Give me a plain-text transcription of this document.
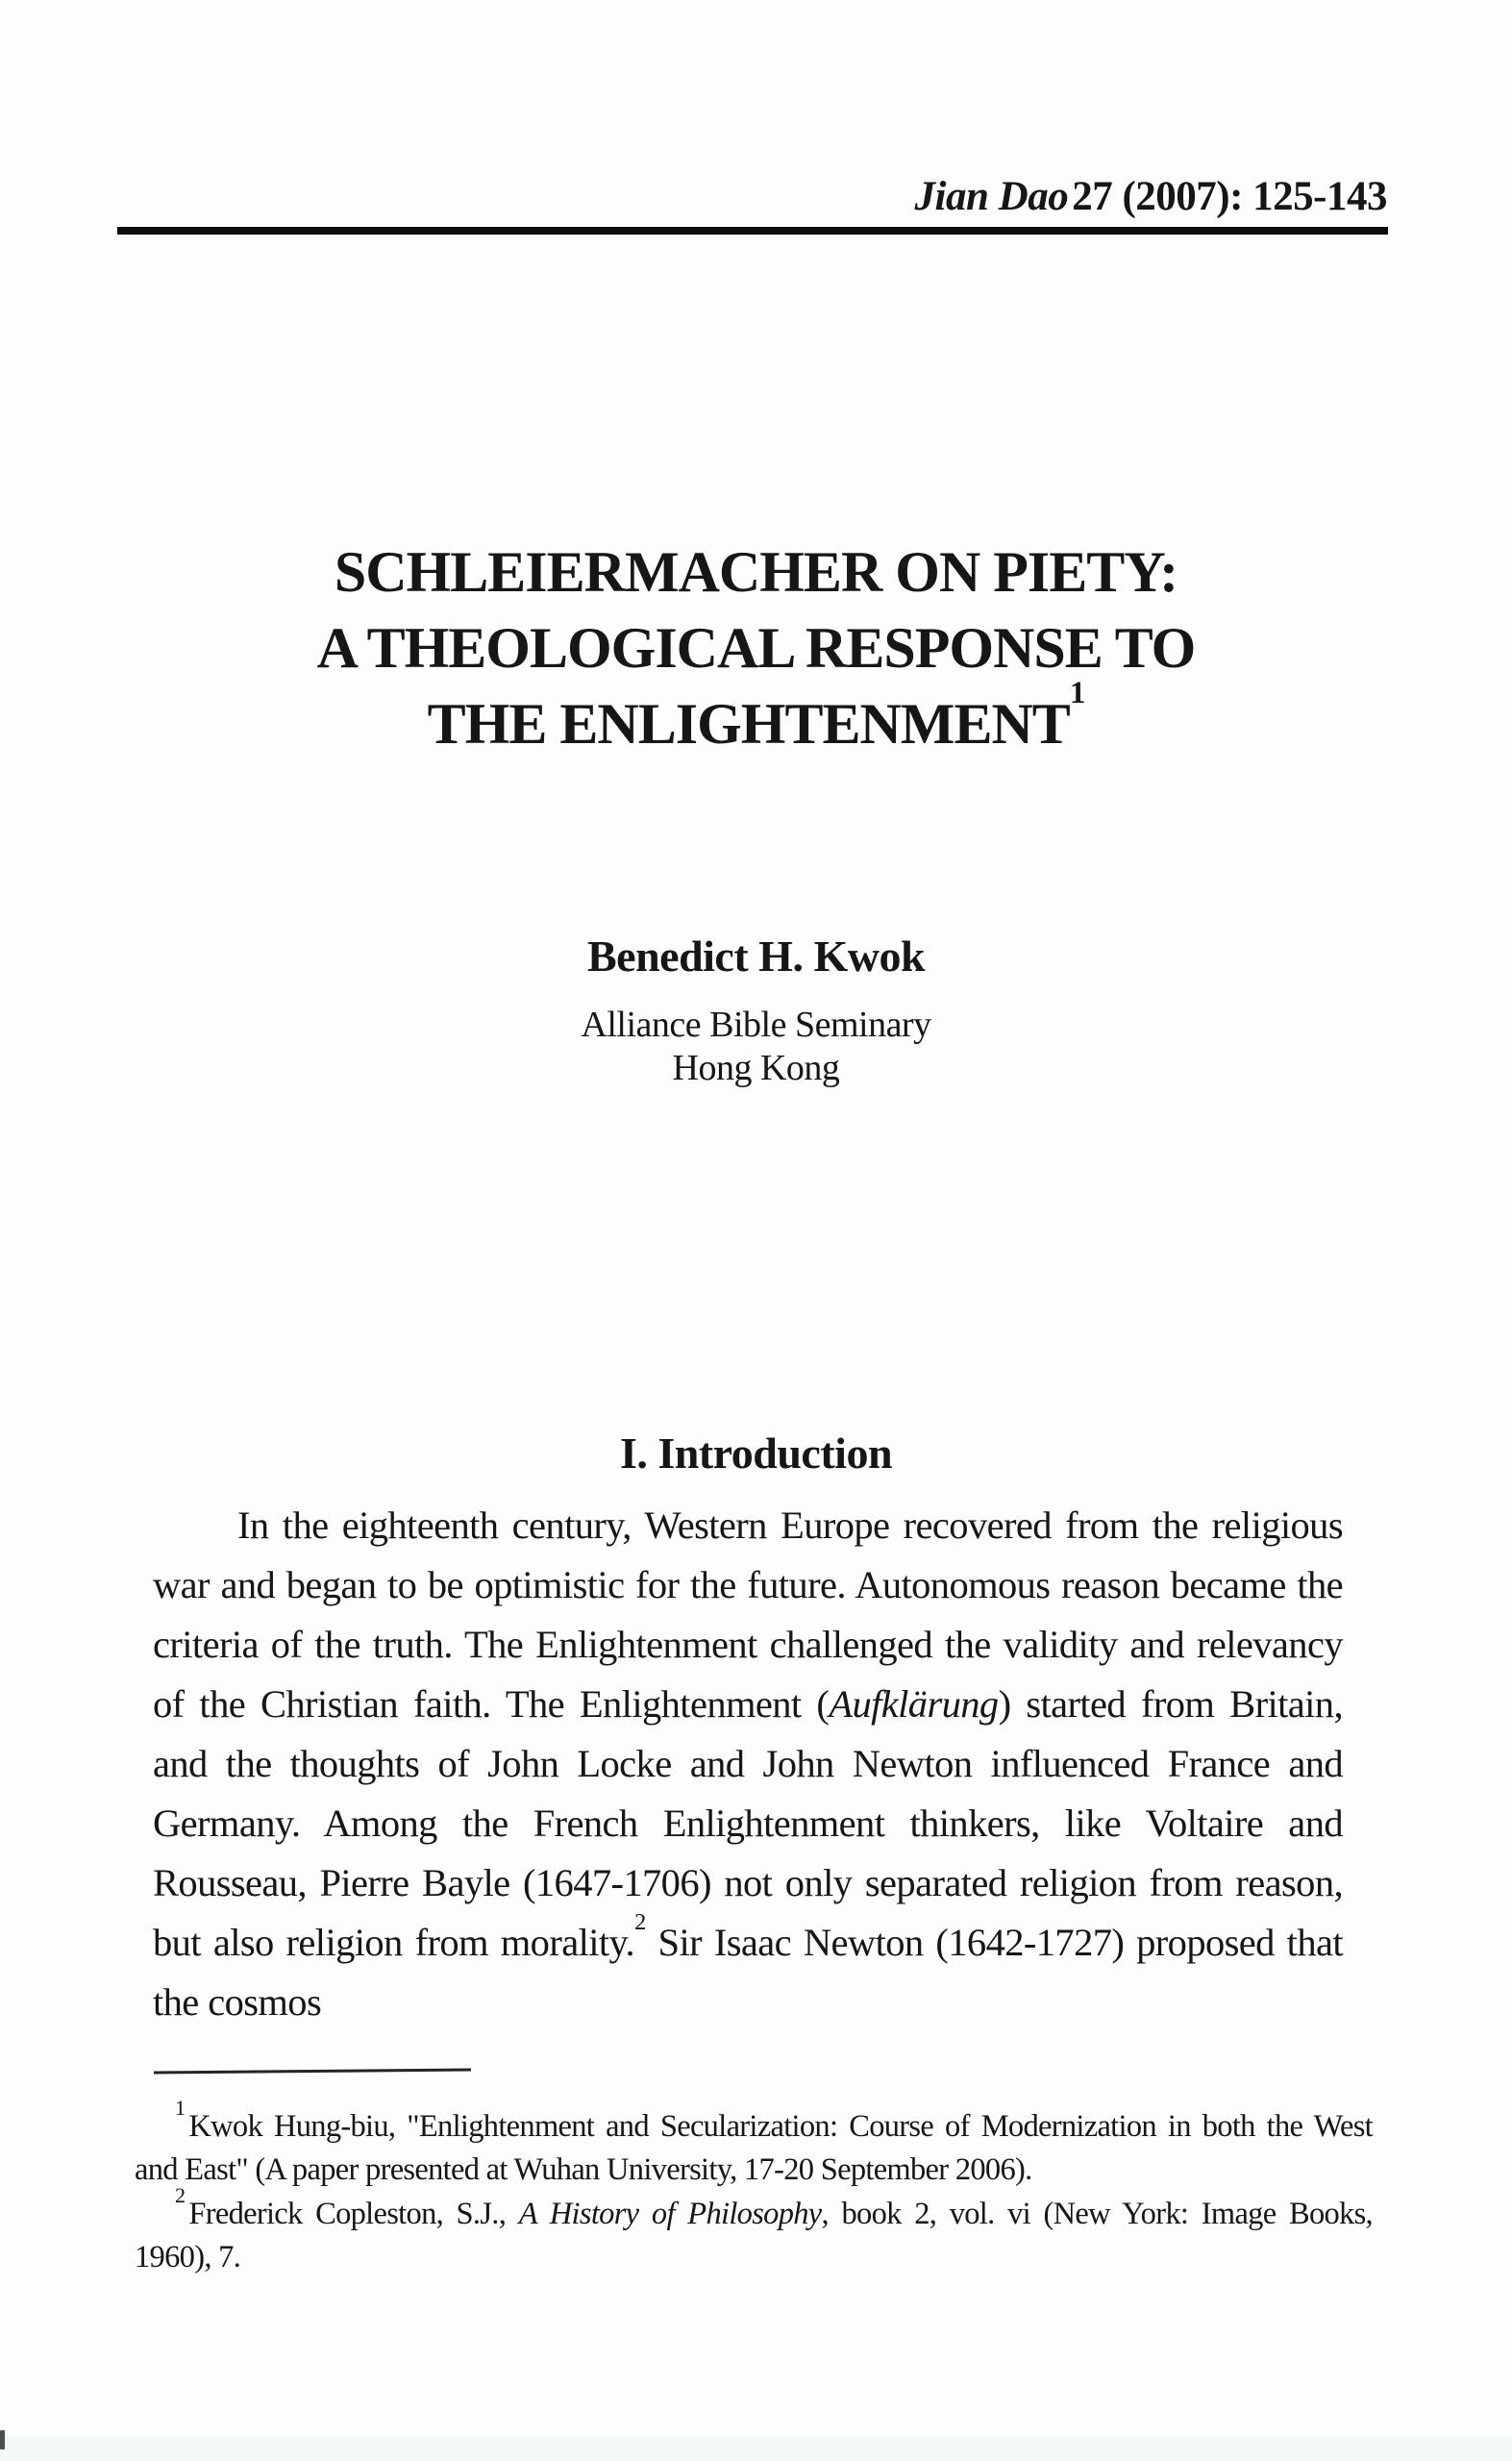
Jian Dao27 (2007): 125-143
SCHLEIERMACHER ON PIETY:
A THEOLOGICAL RESPONSE TO
THE ENLIGHTENMENT$^1$
Benedict H. Kwok
Alliance Bible Seminary
Hong Kong
I. Introduction

In the eighteenth century, Western Europe recovered from the religious war and began to be optimistic for the future. Autonomous reason became the criteria of the truth. The Enlightenment challenged the validity and relevancy of the Christian faith. The Enlightenment (Aufklärung) started from Britain, and the thoughts of John Locke and John Newton influenced France and Germany. Among the French Enlightenment thinkers, like Voltaire and Rousseau, Pierre Bayle (1647-1706) not only separated religion from reason, but also religion from morality.$^2$ Sir Isaac Newton (1642-1727) proposed that the cosmos

$^1$Kwok Hung-biu, "Enlightenment and Secularization: Course of Modernization in both the West and East" (A paper presented at Wuhan University, 17-20 September 2006).

$^2$Frederick Copleston, S.J., A History of Philosophy, book 2, vol. vi (New York: Image Books, 1960), 7.
